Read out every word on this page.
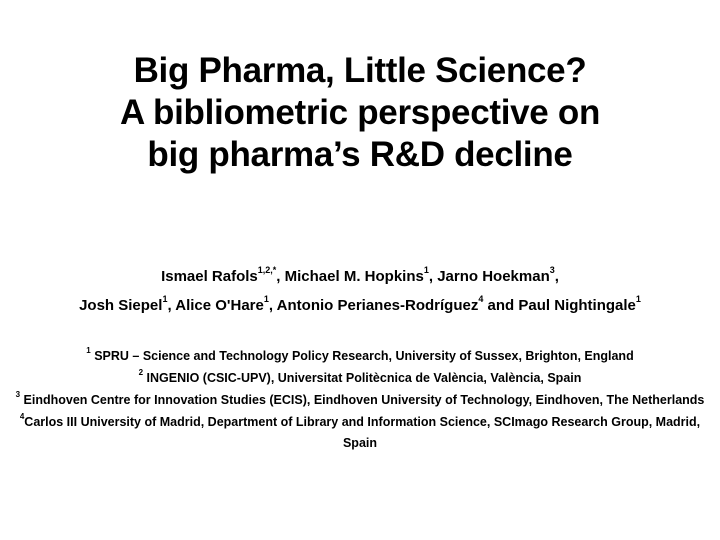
Big Pharma, Little Science?
A bibliometric perspective on
big pharma’s R&D decline
Ismael Rafols$^{1,2,*}$, Michael M. Hopkins$^1$, Jarno Hoekman$^3$,
Josh Siepel$^1$, Alice O'Hare$^1$, Antonio Perianes-Rodríguez$^4$ and Paul Nightingale$^1$
$^1$ SPRU – Science and Technology Policy Research, University of Sussex, Brighton, England
$^2$ INGENIO (CSIC-UPV), Universitat Politècnica de València, València, Spain
$^3$ Eindhoven Centre for Innovation Studies (ECIS), Eindhoven University of Technology, Eindhoven, The Netherlands
$^4$Carlos III University of Madrid, Department of Library and Information Science, SCImago Research Group, Madrid, Spain
